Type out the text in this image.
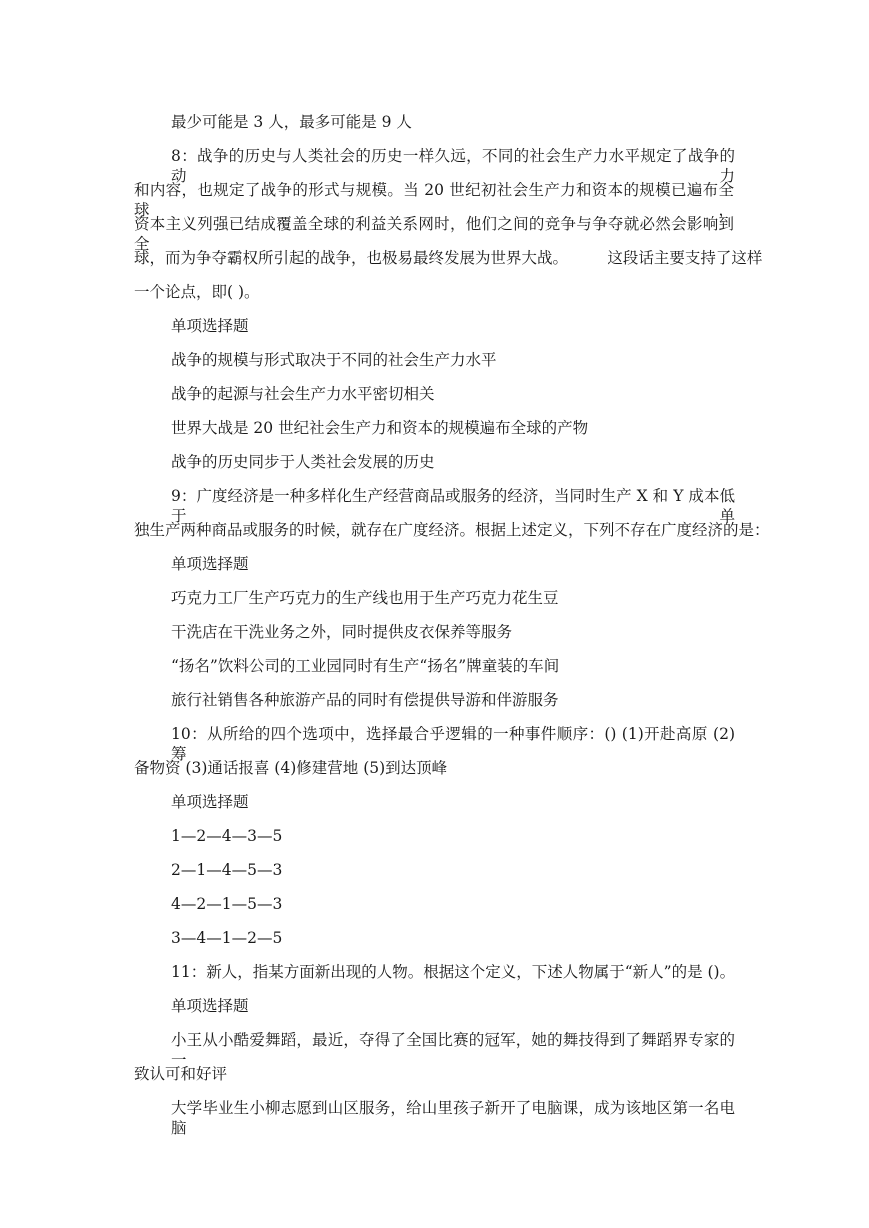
最少可能是 3 人，最多可能是 9 人
8：战争的历史与人类社会的历史一样久远，不同的社会生产力水平规定了战争的动力
和内容，也规定了战争的形式与规模。当 20 世纪初社会生产力和资本的规模已遍布全球，
资本主义列强已结成覆盖全球的利益关系网时，他们之间的竞争与争夺就必然会影响到全
球，而为争夺霸权所引起的战争，也极易最终发展为世界大战。        这段话主要支持了这样
一个论点，即( )。
单项选择题
战争的规模与形式取决于不同的社会生产力水平
战争的起源与社会生产力水平密切相关
世界大战是 20 世纪社会生产力和资本的规模遍布全球的产物
战争的历史同步于人类社会发展的历史
9：广度经济是一种多样化生产经营商品或服务的经济，当同时生产 X 和 Y 成本低于单
独生产两种商品或服务的时候，就存在广度经济。根据上述定义，下列不存在广度经济的是：
单项选择题
巧克力工厂生产巧克力的生产线也用于生产巧克力花生豆
干洗店在干洗业务之外，同时提供皮衣保养等服务
“扬名”饮料公司的工业园同时有生产“扬名”牌童装的车间
旅行社销售各种旅游产品的同时有偿提供导游和伴游服务
10：从所给的四个选项中，选择最合乎逻辑的一种事件顺序：() (1)开赴高原 (2)筹
备物资 (3)通话报喜 (4)修建营地 (5)到达顶峰
单项选择题
1—2—4—3—5
2—1—4—5—3
4—2—1—5—3
3—4—1—2—5
11：新人，指某方面新出现的人物。根据这个定义，下述人物属于“新人”的是 ()。
单项选择题
小王从小酷爱舞蹈，最近，夺得了全国比赛的冠军，她的舞技得到了舞蹈界专家的一
致认可和好评
大学毕业生小柳志愿到山区服务，给山里孩子新开了电脑课，成为该地区第一名电脑
